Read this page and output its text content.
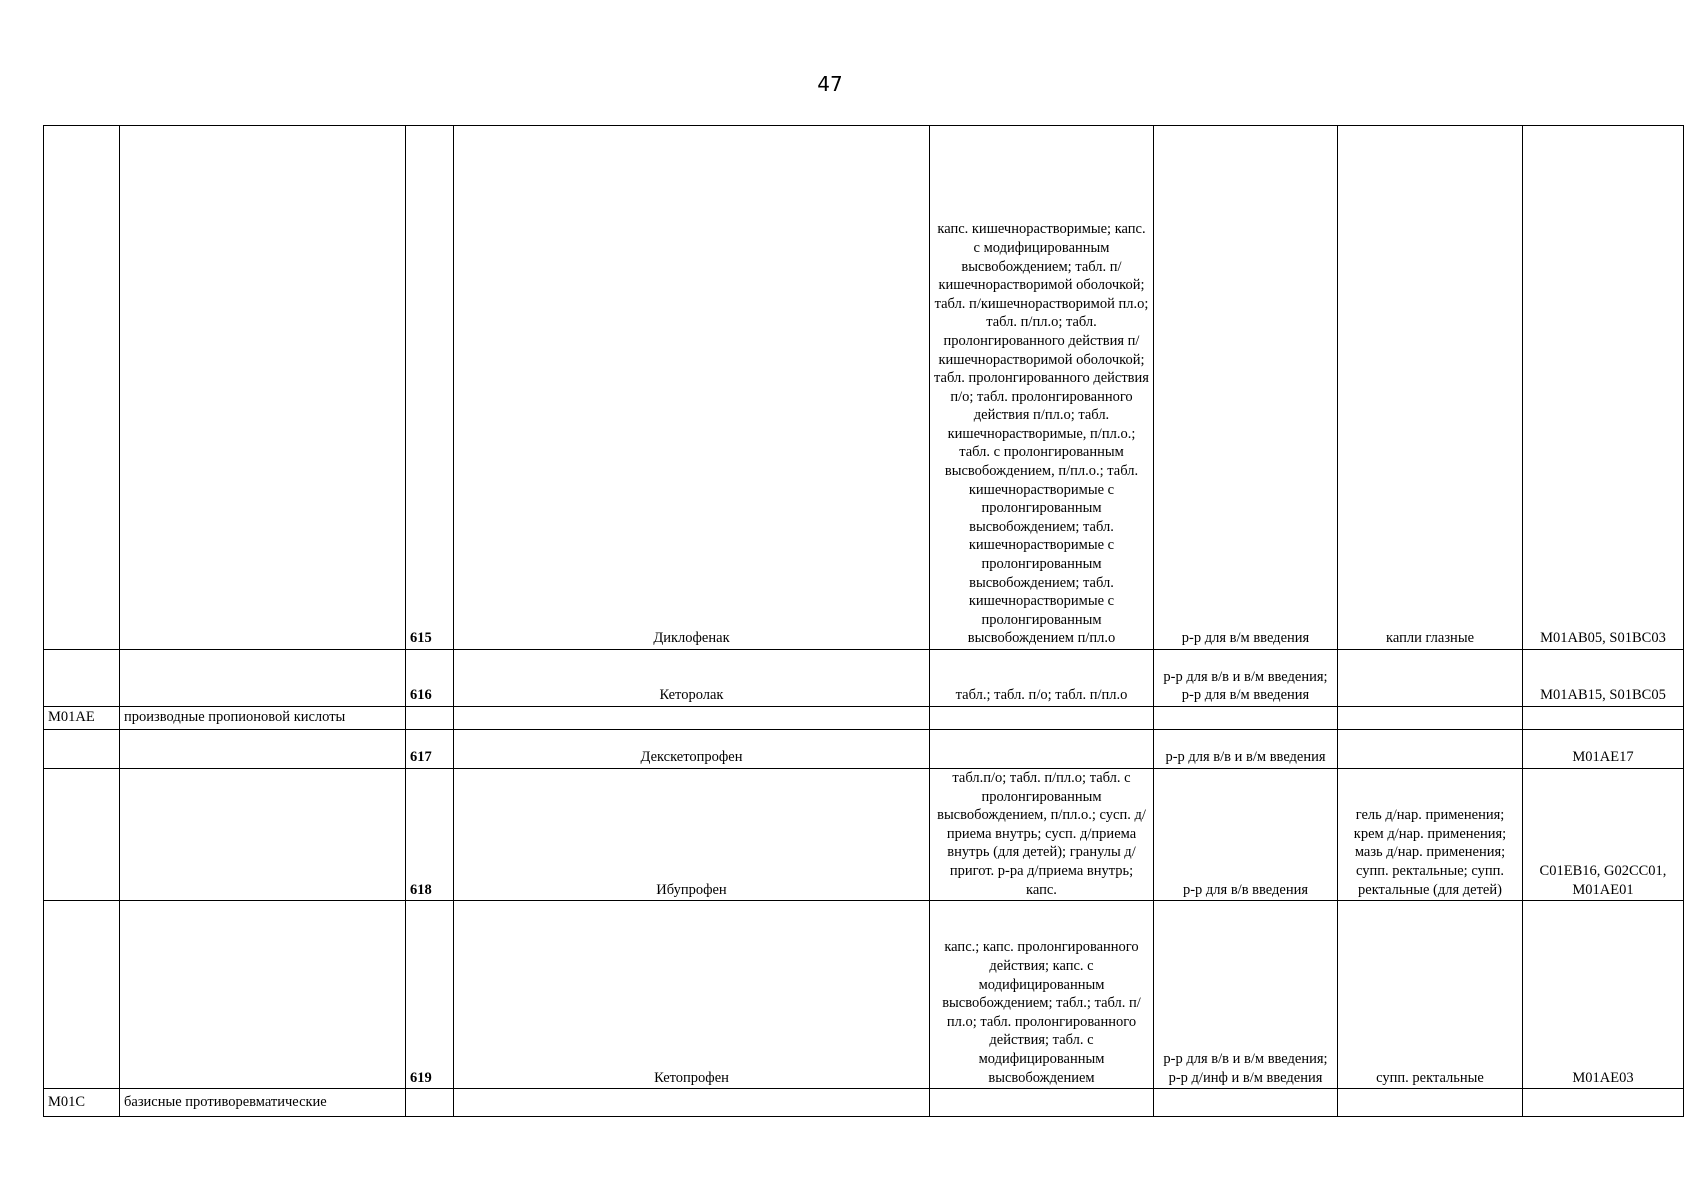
47
		615	Диклофенак	капс. кишечнорастворимые; капс. с модифицированным высвобождением; табл. п/кишечнорастворимой оболочкой; табл. п/кишечнорастворимой пл.о; табл. п/пл.о; табл. пролонгированного действия п/кишечнорастворимой оболочкой; табл. пролонгированного действия п/о; табл. пролонгированного действия п/пл.о; табл. кишечнорастворимые, п/пл.о.; табл. с пролонгированным высвобождением, п/пл.о.; табл. кишечнорастворимые с пролонгированным высвобождением; табл. кишечнорастворимые с пролонгированным высвобождением; табл. кишечнорастворимые с пролонгированным высвобождением п/пл.о	р-р для в/м введения	капли глазные	M01AB05, S01BC03
		616	Кеторолак	табл.; табл. п/о; табл. п/пл.о	р-р для в/в и в/м введения; р-р для в/м введения		M01AB15, S01BC05
M01AE	производные пропионовой кислоты						
		617	Декскетопрофен		р-р для в/в и в/м введения		M01AE17
		618	Ибупрофен	табл.п/о; табл. п/пл.о; табл. с пролонгированным высвобождением, п/пл.о.; сусп. д/приема внутрь; сусп. д/приема внутрь (для детей); гранулы д/пригот. р-ра д/приема внутрь; капс.	р-р для в/в введения	гель д/нар. применения; крем д/нар. применения; мазь д/нар. применения; супп. ректальные; супп. ректальные (для детей)	C01EB16, G02CC01, M01AE01
		619	Кетопрофен	капс.; капс. пролонгированного действия; капс. с модифицированным высвобождением; табл.; табл. п/пл.о; табл. пролонгированного действия; табл. с модифицированным высвобождением	р-р для в/в и в/м введения; р-р д/инф и в/м введения	супп. ректальные	M01AE03
M01C	базисные противоревматические						
